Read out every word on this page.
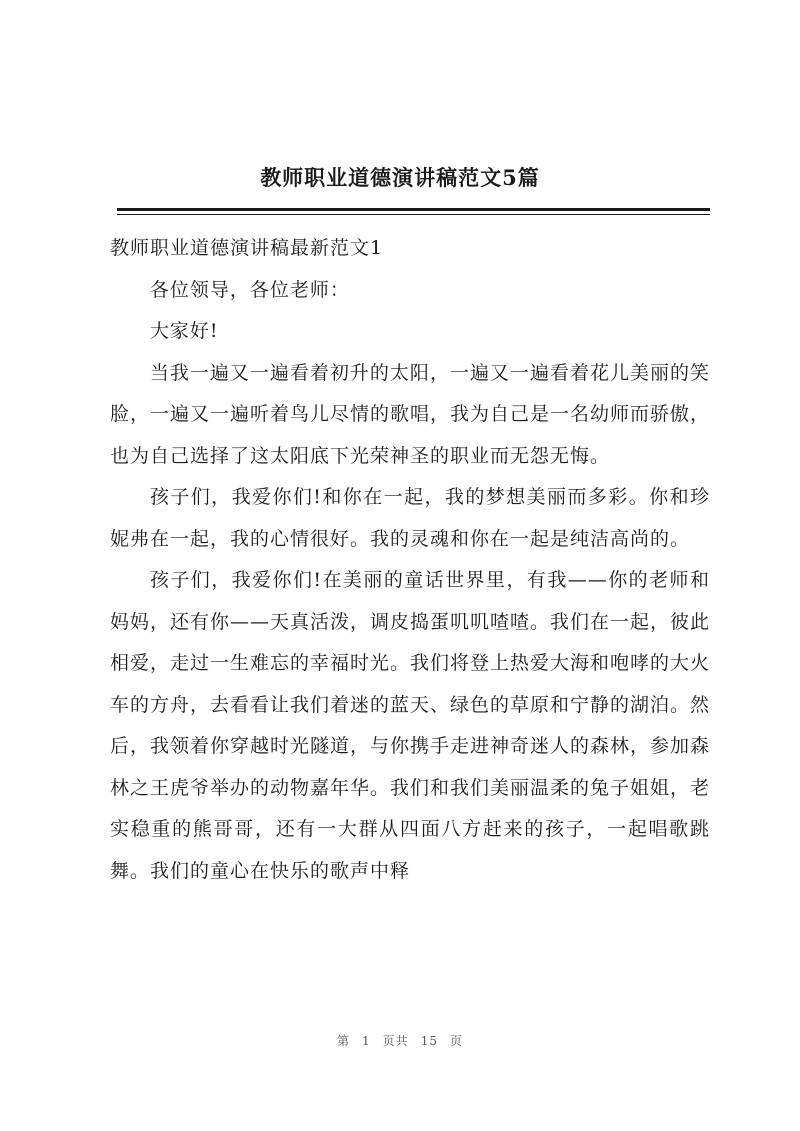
教师职业道德演讲稿范文5篇

教师职业道德演讲稿最新范文1

各位领导，各位老师：

大家好!

当我一遍又一遍看着初升的太阳，一遍又一遍看着花儿美丽的笑脸，一遍又一遍听着鸟儿尽情的歌唱，我为自己是一名幼师而骄傲，也为自己选择了这太阳底下光荣神圣的职业而无怨无悔。

孩子们，我爱你们!和你在一起，我的梦想美丽而多彩。你和珍妮弗在一起，我的心情很好。我的灵魂和你在一起是纯洁高尚的。

孩子们，我爱你们!在美丽的童话世界里，有我——你的老师和妈妈，还有你——天真活泼，调皮捣蛋叽叽喳喳。我们在一起，彼此相爱，走过一生难忘的幸福时光。我们将登上热爱大海和咆哮的大火车的方舟，去看看让我们着迷的蓝天、绿色的草原和宁静的湖泊。然后，我领着你穿越时光隧道，与你携手走进神奇迷人的森林，参加森林之王虎爷举办的动物嘉年华。我们和我们美丽温柔的兔子姐姐，老实稳重的熊哥哥，还有一大群从四面八方赶来的孩子，一起唱歌跳舞。我们的童心在快乐的歌声中释

第 1 页共 15 页
